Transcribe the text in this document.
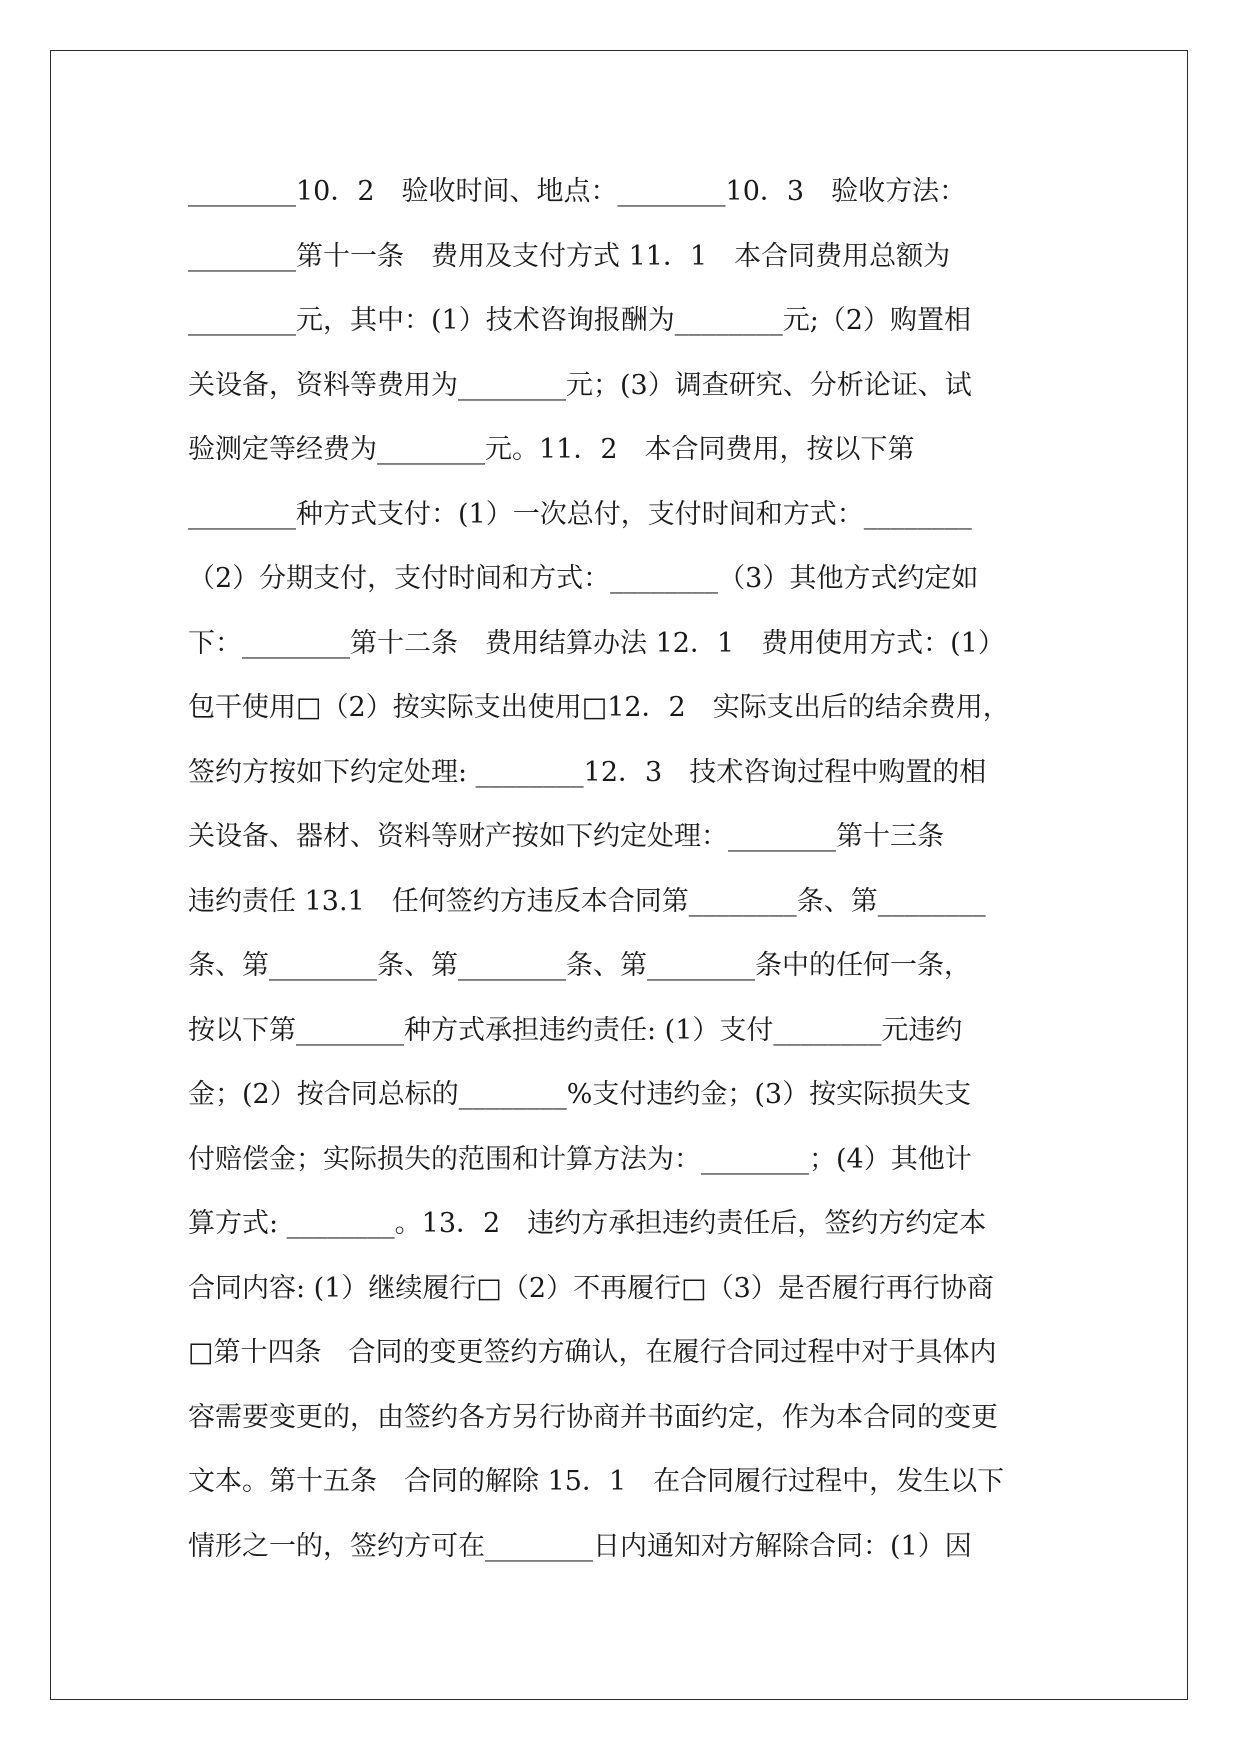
________10．2　验收时间、地点：________10．3　验收方法：
________第十一条　费用及支付方式 11．1　本合同费用总额为
________元，其中：(1）技术咨询报酬为________元;（2）购置相
关设备，资料等费用为________元；(3）调查研究、分析论证、试
验测定等经费为________元。11．2　本合同费用，按以下第
________种方式支付：(1）一次总付，支付时间和方式：________
（2）分期支付，支付时间和方式：________（3）其他方式约定如
下：________第十二条　费用结算办法 12．1　费用使用方式：(1）
包干使用□（2）按实际支出使用□12．2　实际支出后的结余费用，
签约方按如下约定处理: ________12．3　技术咨询过程中购置的相
关设备、器材、资料等财产按如下约定处理：________第十三条
违约责任 13.1　任何签约方违反本合同第________条、第________
条、第________条、第________条、第________条中的任何一条，
按以下第________种方式承担违约责任: (1）支付________元违约
金；(2）按合同总标的________%支付违约金；(3）按实际损失支
付赔偿金；实际损失的范围和计算方法为：________；(4）其他计
算方式: ________。13．2　违约方承担违约责任后，签约方约定本
合同内容: (1）继续履行□（2）不再履行□（3）是否履行再行协商
□第十四条　合同的变更签约方确认，在履行合同过程中对于具体内
容需要变更的，由签约各方另行协商并书面约定，作为本合同的变更
文本。第十五条　合同的解除 15．1　在合同履行过程中，发生以下
情形之一的，签约方可在________日内通知对方解除合同：(1）因
